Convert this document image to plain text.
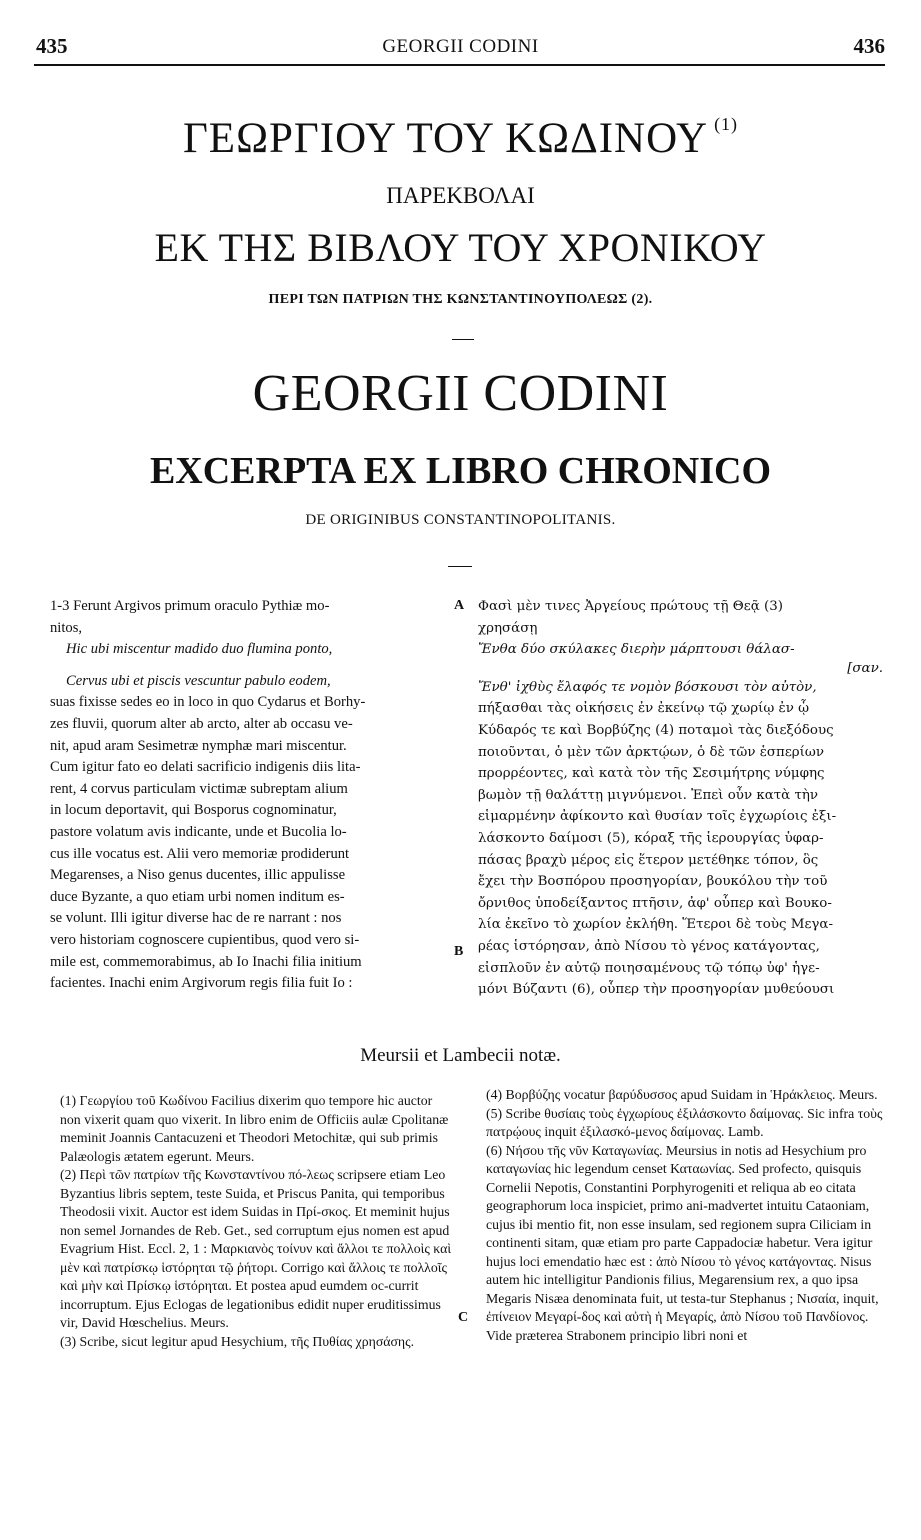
435	GEORGII CODINI	436
ΓΕΩΡΓΙΟΥ ΤΟΥ ΚΩΔΙΝΟΥ $^{(1)}$
ΠΑΡΕΚΒΟΛΑΙ
ΕΚ ΤΗΣ ΒΙΒΛΟΥ ΤΟΥ ΧΡΟΝΙΚΟΥ
ΠΕΡΙ ΤΩΝ ΠΑΤΡΙΩΝ ΤΗΣ ΚΩΝΣΤΑΝΤΙΝΟΥΠΟΛΕΩΣ (2).
GEORGII CODINI
EXCERPTA EX LIBRO CHRONICO
DE ORIGINIBUS CONSTANTINOPOLITANIS.
1-3 Ferunt Argivos primum oraculo Pythiæ mo-
nitos,
Hic ubi miscentur madido duo flumina ponto,
Cervus ubi et piscis vescuntur pabulo eodem,
suas fixisse sedes eo in loco in quo Cydarus et Borhy-
zes fluvii, quorum alter ab arcto, alter ab occasu ve-
nit, apud aram Sesimetræ nymphæ mari miscentur.
Cum igitur fato eo delati sacrificio indigenis diis lita-
rent, 4 corvus particulam victimæ subreptam alium
in locum deportavit, qui Bosporus cognominatur,
pastore volatum avis indicante, unde et Bucolia lo-
cus ille vocatus est. Alii vero memoriæ prodiderunt
Megarenses, a Niso genus ducentes, illic appulisse
duce Byzante, a quo etiam urbi nomen inditum es-
se volunt. Illi igitur diverse hac de re narrant : nos
vero historiam cognoscere cupientibus, quod vero si-
mile est, commemorabimus, ab Io Inachi filia initium
facientes. Inachi enim Argivorum regis filia fuit Io :
A
B
C
Φασὶ μὲν τινες Ἀργείους πρώτους τῇ Θεᾷ (3)
χρησάσῃ
Ἔνθα δύο σκύλακες διερὴν μάρπτουσι θάλασ-
[σαν.
Ἔνθ' ἰχθὺς ἔλαφός τε νομὸν βόσκουσι τὸν αὐτὸν,
πήξασθαι τὰς οἰκήσεις ἐν ἐκείνῳ τῷ χωρίῳ ἐν ᾧ
Κύδαρός τε καὶ Βορβύζης (4) ποταμοὶ τὰς διεξόδους
ποιοῦνται, ὁ μὲν τῶν ἀρκτῴων, ὁ δὲ τῶν ἑσπερίων
προρρέοντες, καὶ κατὰ τὸν τῆς Σεσιμήτρης νύμφης
βωμὸν τῇ θαλάττῃ μιγνύμενοι. Ἐπεὶ οὖν κατὰ τὴν
εἱμαρμένην ἀφίκοντο καὶ θυσίαν τοῖς ἐγχωρίοις ἐξι-
λάσκοντο δαίμοσι (5), κόραξ τῆς ἱερουργίας ὑφαρ-
πάσας βραχὺ μέρος εἰς ἕτερον μετέθηκε τόπον, ὃς
ἔχει τὴν Βοσπόρου προσηγορίαν, βουκόλου τὴν τοῦ
ὄρνιθος ὑποδείξαντος πτῆσιν, ἀφ' οὗπερ καὶ Βουκο-
λία ἐκεῖνο τὸ χωρίον ἐκλήθη. Ἕτεροι δὲ τοὺς Μεγα-
ρέας ἱστόρησαν, ἀπὸ Νίσου τὸ γένος κατάγοντας,
εἰσπλοῦν ἐν αὐτῷ ποιησαμένους τῷ τόπῳ ὑφ' ἡγε-
μόνι Βύζαντι (6), οὗπερ τὴν προσηγορίαν μυθεύουσι
Meursii et Lambecii notæ.

(1) Γεωργίου τοῦ Κωδίνου Facilius dixerim quo tempore hic auctor non vixerit quam quo vixerit. In libro enim de Officiis aulæ Cpolitanæ meminit Joannis Cantacuzeni et Theodori Metochitæ, qui sub primis Palæologis ætatem egerunt. Meurs.

(2) Περὶ τῶν πατρίων τῆς Κωνσταντίνου πό-λεως scripsere etiam Leo Byzantius libris septem, teste Suida, et Priscus Panita, qui temporibus Theodosii vixit. Auctor est idem Suidas in Πρί-σκος. Et meminit hujus non semel Jornandes de Reb. Get., sed corruptum ejus nomen est apud Evagrium Hist. Eccl. 2, 1 : Μαρκιανὸς τοίνυν καὶ ἄλλοι τε πολλοὶς καὶ μὲν καὶ πατρίσκῳ ἱστόρηται τῷ ῥήτορι. Corrigo καὶ ἄλλοις τε πολλοῖς καὶ μὴν καὶ Πρίσκῳ ἱστόρηται. Et postea apud eumdem oc-currit incorruptum. Ejus Eclogas de legationibus edidit nuper eruditissimus vir, David Hœschelius. Meurs.

(3) Scribe, sicut legitur apud Hesychium, τῆς Πυθίας χρησάσης.

(4) Βορβύζης vocatur βαρύδυσσος apud Suidam in Ἡράκλειος. Meurs.

(5) Scribe θυσίαις τοὺς ἐγχωρίους ἐξιλάσκοντο δαίμονας. Sic infra τοὺς πατρῴους inquit ἐξιλασκό-μενος δαίμονας. Lamb.

(6) Νήσου τῆς νῦν Καταγωνίας. Meursius in notis ad Hesychium pro καταγωνίας hic legendum censet Καταωνίας. Sed profecto, quisquis Cornelii Nepotis, Constantini Porphyrogeniti et reliqua ab eo citata geographorum loca inspiciet, primo ani-madvertet intuitu Cataoniam, cujus ibi mentio fit, non esse insulam, sed regionem supra Ciliciam in continenti sitam, quæ etiam pro parte Cappadociæ habetur. Vera igitur hujus loci emendatio hæc est : ἀπὸ Νίσου τὸ γένος κατάγοντας. Nisus autem hic intelligitur Pandionis filius, Megarensium rex, a quo ipsa Megaris Nisæa denominata fuit, ut testa-tur Stephanus ; Νισαία, inquit, ἐπίνειον Μεγαρί-δος καὶ αὐτὴ ἡ Μεγαρίς, ἀπὸ Νίσου τοῦ Πανδίονος. Vide præterea Strabonem principio libri noni et
